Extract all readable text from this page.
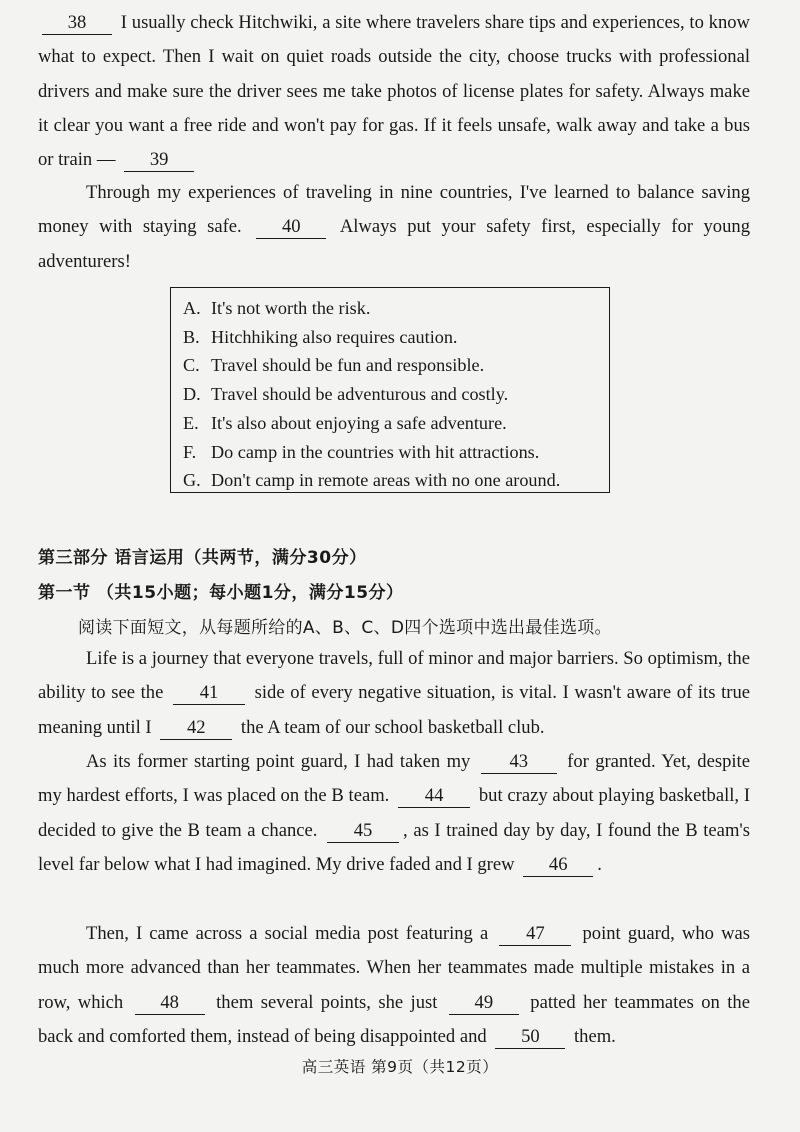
38 I usually check Hitchwiki, a site where travelers share tips and experiences, to know what to expect. Then I wait on quiet roads outside the city, choose trucks with professional drivers and make sure the driver sees me take photos of license plates for safety. Always make it clear you want a free ride and won't pay for gas. If it feels unsafe, walk away and take a bus or train — 39
Through my experiences of traveling in nine countries, I've learned to balance saving money with staying safe. 40 Always put your safety first, especially for young adventurers!
A. It's not worth the risk.
B. Hitchhiking also requires caution.
C. Travel should be fun and responsible.
D. Travel should be adventurous and costly.
E. It's also about enjoying a safe adventure.
F. Do camp in the countries with hit attractions.
G. Don't camp in remote areas with no one around.
第三部分 语言运用（共两节，满分30分）
第一节 （共15小题；每小题1分，满分15分）
阅读下面短文，从每题所给的A、B、C、D四个选项中选出最佳选项。
Life is a journey that everyone travels, full of minor and major barriers. So optimism, the ability to see the 41 side of every negative situation, is vital. I wasn't aware of its true meaning until I 42 the A team of our school basketball club.
As its former starting point guard, I had taken my 43 for granted. Yet, despite my hardest efforts, I was placed on the B team. 44 but crazy about playing basketball, I decided to give the B team a chance. 45 , as I trained day by day, I found the B team's level far below what I had imagined. My drive faded and I grew 46 .
Then, I came across a social media post featuring a 47 point guard, who was much more advanced than her teammates. When her teammates made multiple mistakes in a row, which 48 them several points, she just 49 patted her teammates on the back and comforted them, instead of being disappointed and 50 them.
高三英语 第9页（共12页）
